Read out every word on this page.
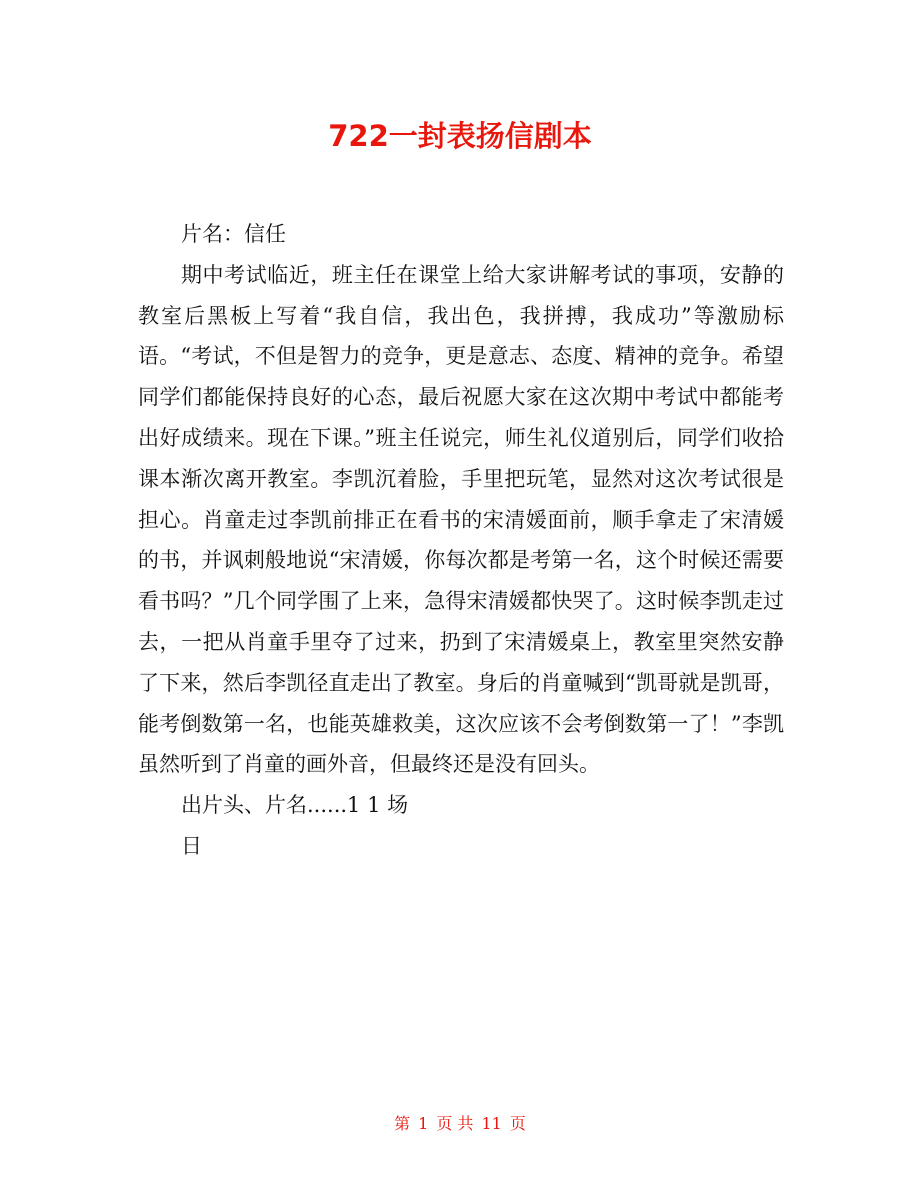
722一封表扬信剧本

片名：信任

期中考试临近，班主任在课堂上给大家讲解考试的事项，安静的教室后黑板上写着“我自信，我出色，我拼搏，我成功”等激励标语。“考试，不但是智力的竞争，更是意志、态度、精神的竞争。希望同学们都能保持良好的心态，最后祝愿大家在这次期中考试中都能考出好成绩来。现在下课。”班主任说完，师生礼仪道别后，同学们收拾课本渐次离开教室。李凯沉着脸，手里把玩笔，显然对这次考试很是担心。肖童走过李凯前排正在看书的宋清媛面前，顺手拿走了宋清媛的书，并讽刺般地说“宋清媛，你每次都是考第一名，这个时候还需要看书吗？”几个同学围了上来，急得宋清媛都快哭了。这时候李凯走过去，一把从肖童手里夺了过来，扔到了宋清媛桌上，教室里突然安静了下来，然后李凯径直走出了教室。身后的肖童喊到“凯哥就是凯哥，能考倒数第一名，也能英雄救美，这次应该不会考倒数第一了！”李凯虽然听到了肖童的画外音，但最终还是没有回头。

出片头、片名......1 1 场

日

第 1 页 共 11 页
